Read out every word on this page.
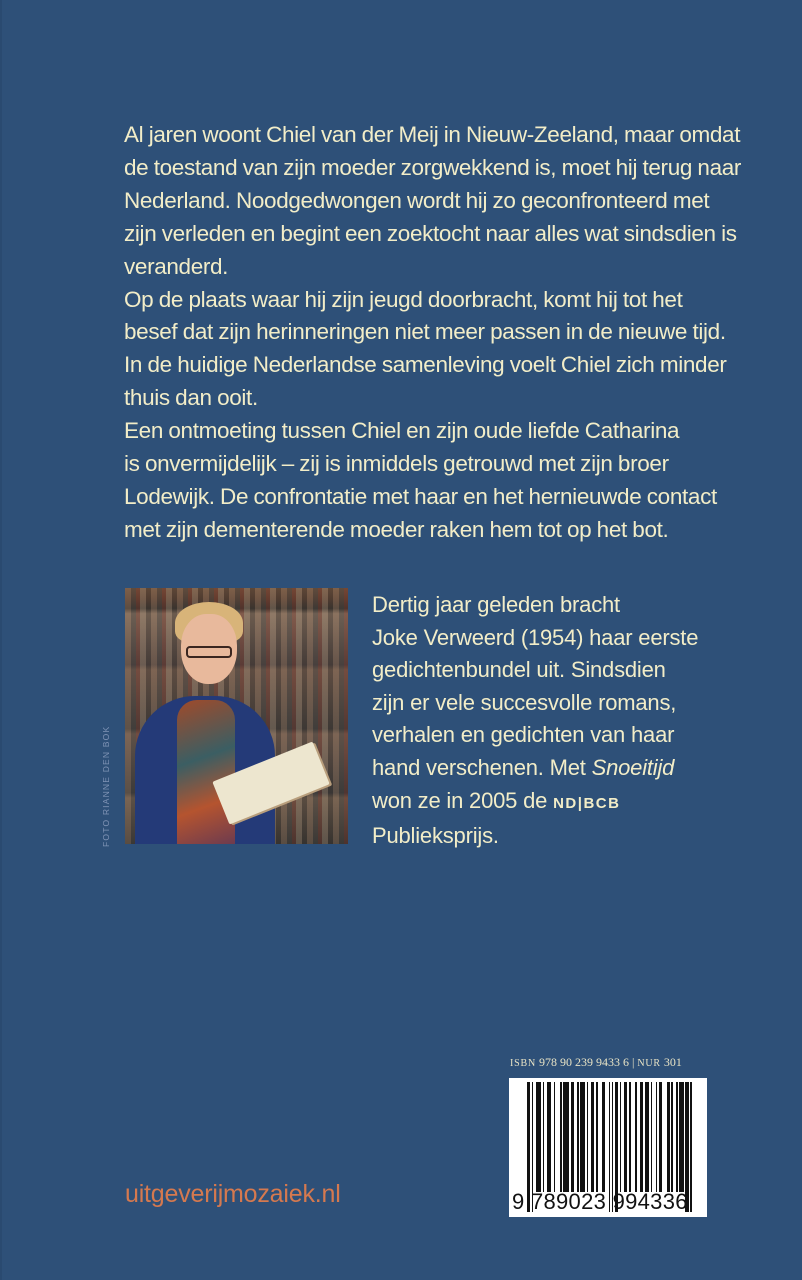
Al jaren woont Chiel van der Meij in Nieuw-Zeeland, maar omdat

de toestand van zijn moeder zorgwekkend is, moet hij terug naar

Nederland. Noodgedwongen wordt hij zo geconfronteerd met

zijn verleden en begint een zoektocht naar alles wat sindsdien is

veranderd.

Op de plaats waar hij zijn jeugd doorbracht, komt hij tot het

besef dat zijn herinneringen niet meer passen in de nieuwe tijd.

In de huidige Nederlandse samenleving voelt Chiel zich minder

thuis dan ooit.

Een ontmoeting tussen Chiel en zijn oude liefde Catharina

is onvermijdelijk – zij is inmiddels getrouwd met zijn broer

Lodewijk. De confrontatie met haar en het hernieuwde contact

met zijn dementerende moeder raken hem tot op het bot.

FOTO RIANNE DEN BOK

Dertig jaar geleden bracht

Joke Verweerd (1954) haar eerste

gedichtenbundel uit. Sindsdien

zijn er vele succesvolle romans,

verhalen en gedichten van haar

hand verschenen. Met Snoeitijd

won ze in 2005 de ND|BCB

Publieksprijs.

ISBN 978 90 239 9433 6 | NUR 301
9 789023 994336
uitgeverijmozaiek.nl
